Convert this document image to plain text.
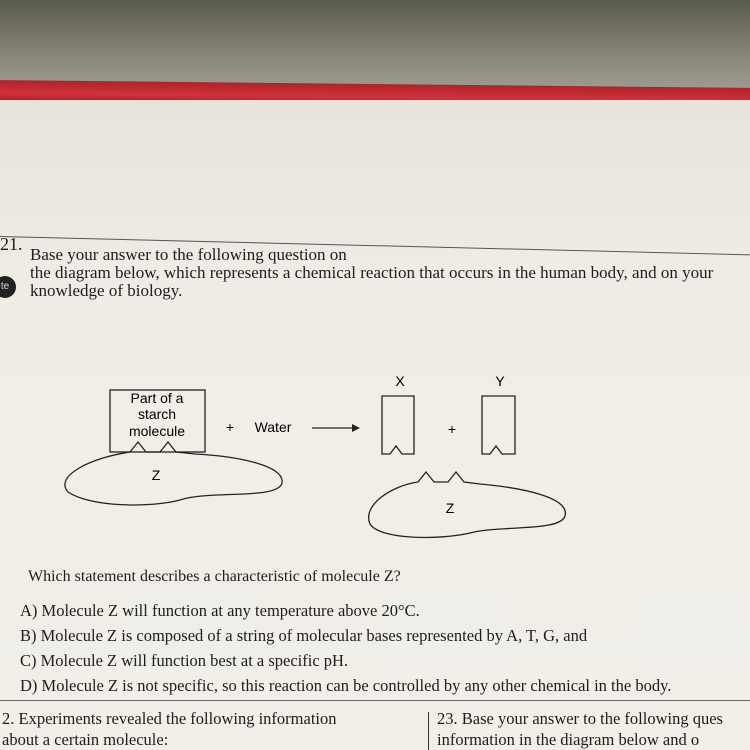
21.
te
Base your answer to the following question on
the diagram below, which represents a chemical reaction that occurs in the human body, and on your
knowledge of biology.
Part of a
starch
molecule
Z
+ Water
X
+
Y
Z
Which statement describes a characteristic of molecule Z?
A) Molecule Z will function at any temperature above 20°C.
B) Molecule Z is composed of a string of molecular bases represented by A, T, G, and
C) Molecule Z will function best at a specific pH.
D) Molecule Z is not specific, so this reaction can be controlled by any other chemical in the body.
2. Experiments revealed the following information
about a certain molecule:
23. Base your answer to the following ques
information in the diagram below and o
